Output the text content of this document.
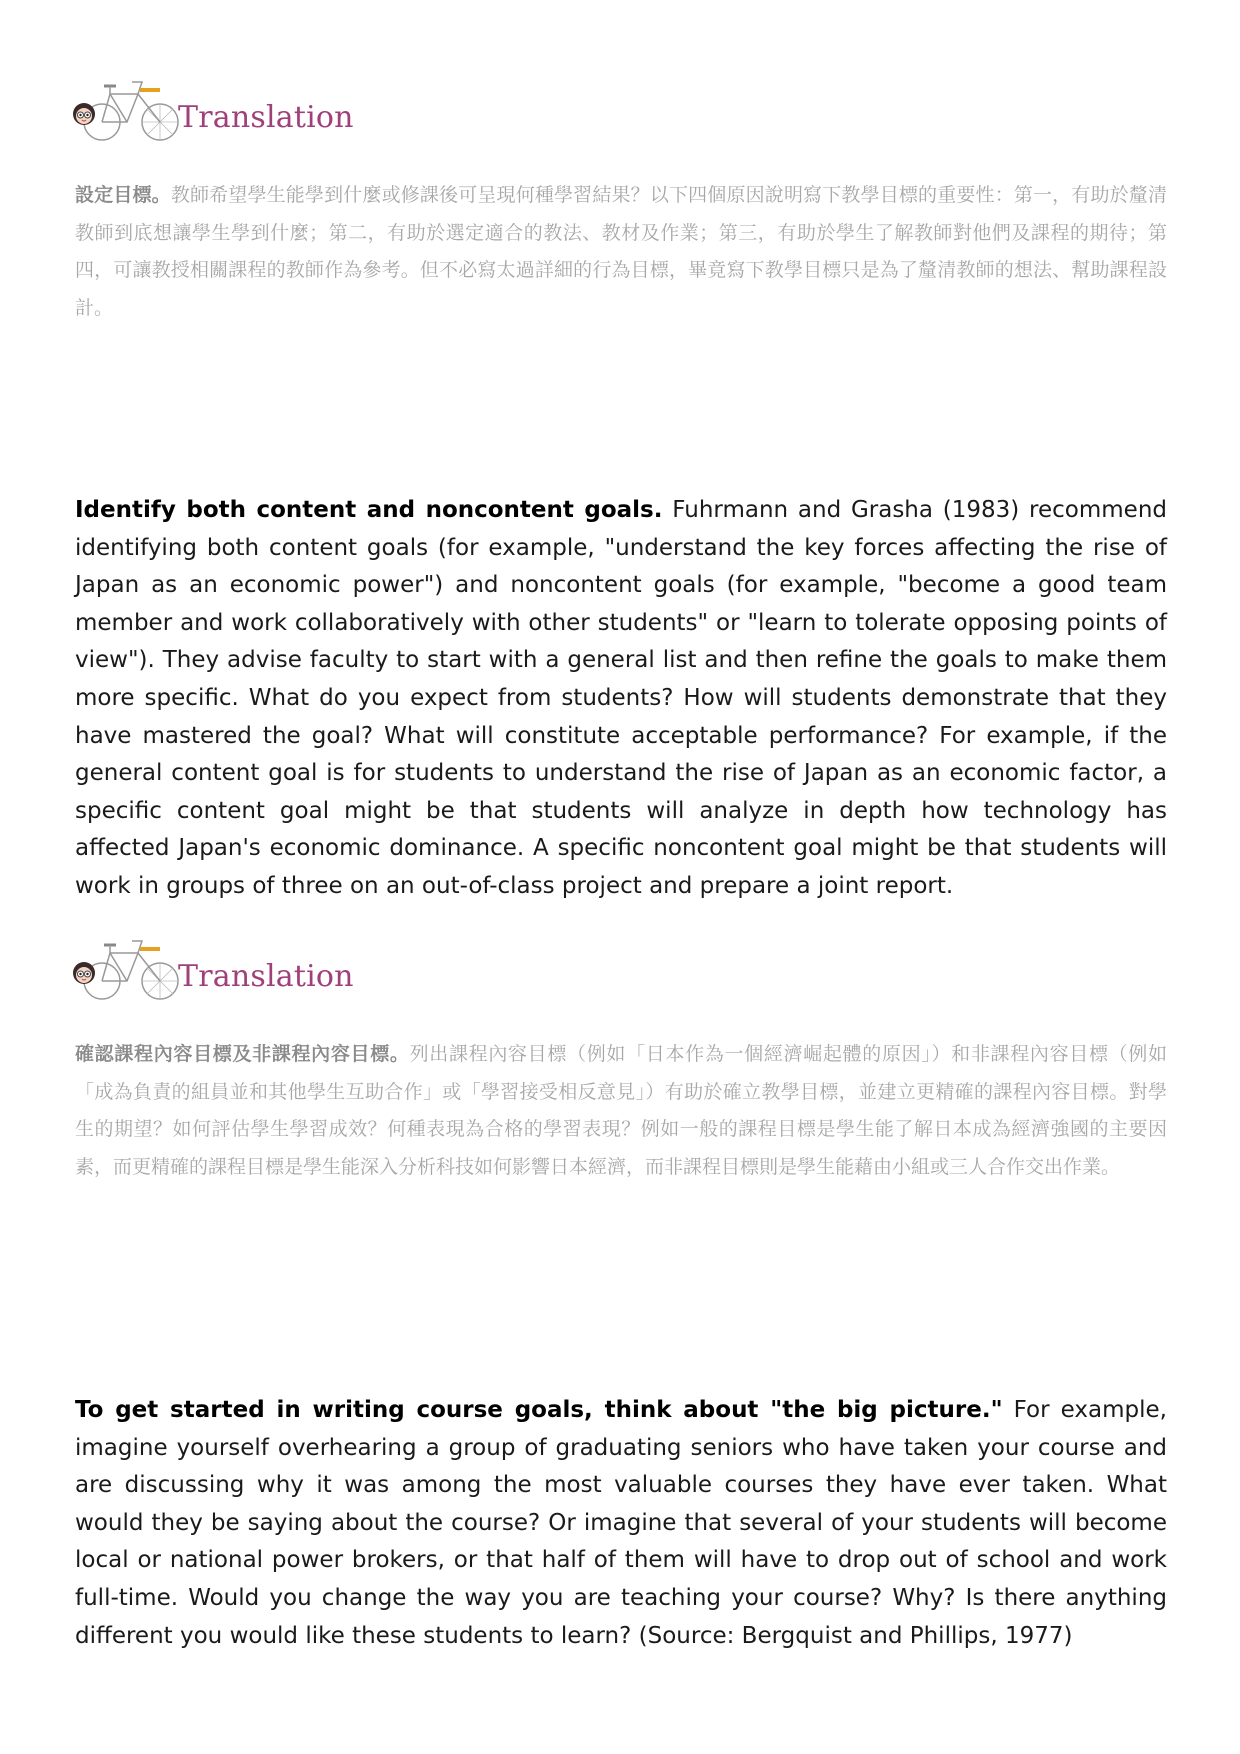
Translation

設定目標。教師希望學生能學到什麼或修課後可呈現何種學習結果？以下四個原因說明寫下教學目標的重要性：第一，有助於釐清教師到底想讓學生學到什麼；第二，有助於選定適合的教法、教材及作業；第三，有助於學生了解教師對他們及課程的期待；第四，可讓教授相關課程的教師作為參考。但不必寫太過詳細的行為目標，畢竟寫下教學目標只是為了釐清教師的想法、幫助課程設計。

Identify both content and noncontent goals. Fuhrmann and Grasha (1983) recommend identifying both content goals (for example, "understand the key forces affecting the rise of Japan as an economic power") and noncontent goals (for example, "become a good team member and work collaboratively with other students" or "learn to tolerate opposing points of view"). They advise faculty to start with a general list and then refine the goals to make them more specific. What do you expect from students? How will students demonstrate that they have mastered the goal? What will constitute acceptable performance? For example, if the general content goal is for students to understand the rise of Japan as an economic factor, a specific content goal might be that students will analyze in depth how technology has affected Japan's economic dominance. A specific noncontent goal might be that students will work in groups of three on an out-of-class project and prepare a joint report.

Translation

確認課程內容目標及非課程內容目標。列出課程內容目標（例如「日本作為一個經濟崛起體的原因」）和非課程內容目標（例如「成為負責的組員並和其他學生互助合作」或「學習接受相反意見」）有助於確立教學目標，並建立更精確的課程內容目標。對學生的期望？如何評估學生學習成效？何種表現為合格的學習表現？例如一般的課程目標是學生能了解日本成為經濟強國的主要因素，而更精確的課程目標是學生能深入分析科技如何影響日本經濟，而非課程目標則是學生能藉由小組或三人合作交出作業。

To get started in writing course goals, think about "the big picture." For example, imagine yourself overhearing a group of graduating seniors who have taken your course and are discussing why it was among the most valuable courses they have ever taken. What would they be saying about the course? Or imagine that several of your students will become local or national power brokers, or that half of them will have to drop out of school and work full-time. Would you change the way you are teaching your course? Why? Is there anything different you would like these students to learn? (Source: Bergquist and Phillips, 1977)
